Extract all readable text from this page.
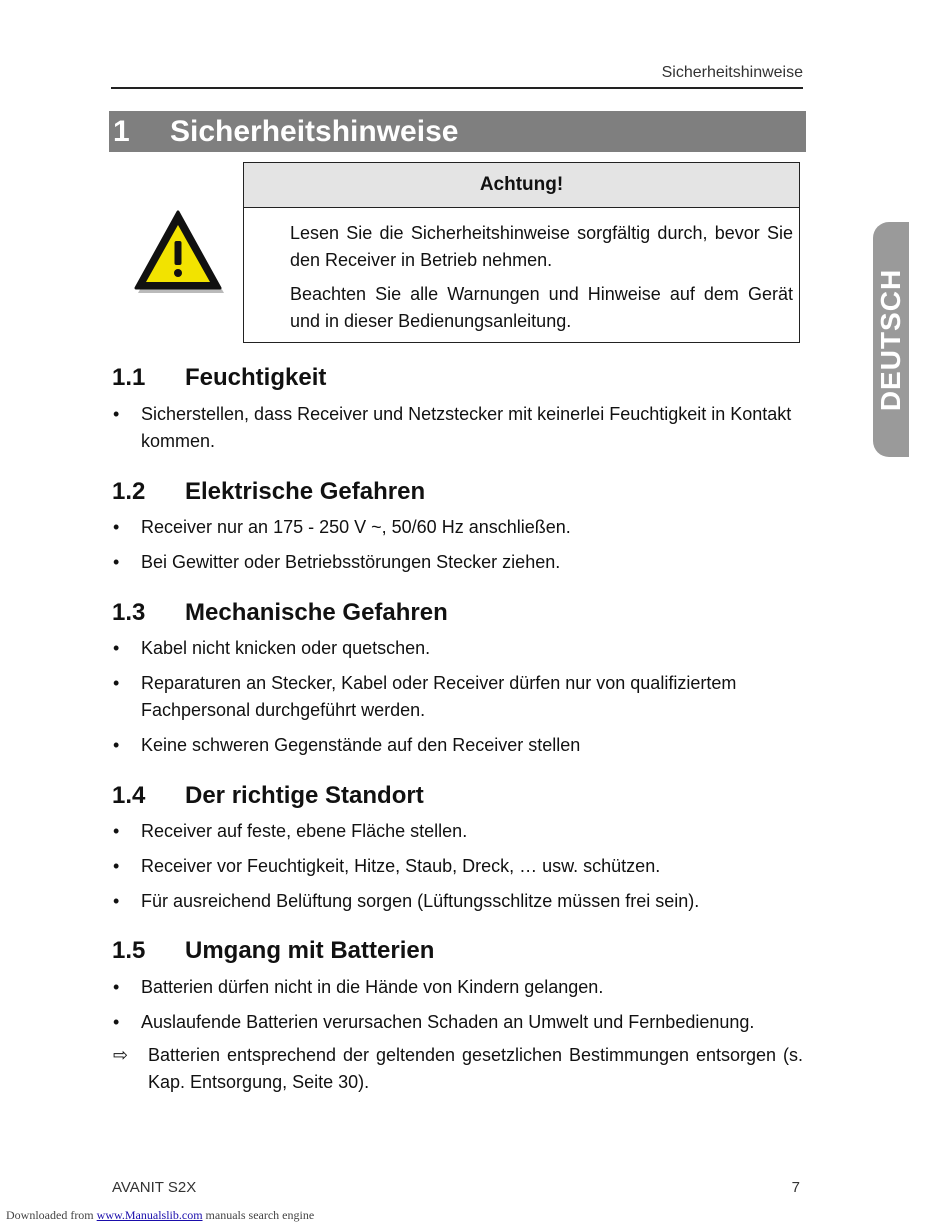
Sicherheitshinweise
1 Sicherheitshinweise
Achtung!
Lesen Sie die Sicherheitshinweise sorgfältig durch, bevor Sie den Receiver in Betrieb nehmen.
Beachten Sie alle Warnungen und Hinweise auf dem Gerät und in dieser Bedienungsanleitung.	DEUTSCH
1.1 Feuchtigkeit
•	Sicherstellen, dass Receiver und Netzstecker mit keinerlei Feuchtigkeit in Kontakt kommen.
1.2 Elektrische Gefahren
•	Receiver nur an 175 - 250 V ~, 50/60 Hz anschließen.
•	Bei Gewitter oder Betriebsstörungen Stecker ziehen.
1.3 Mechanische Gefahren
•	Kabel nicht knicken oder quetschen.
•	Reparaturen an Stecker, Kabel oder Receiver dürfen nur von qualifiziertem Fachpersonal durchgeführt werden.
•	Keine schweren Gegenstände auf den Receiver stellen
1.4 Der richtige Standort
•	Receiver auf feste, ebene Fläche stellen.
•	Receiver vor Feuchtigkeit, Hitze, Staub, Dreck, … usw. schützen.
•	Für ausreichend Belüftung sorgen (Lüftungsschlitze müssen frei sein).
1.5 Umgang mit Batterien
•	Batterien dürfen nicht in die Hände von Kindern gelangen.
•	Auslaufende Batterien verursachen Schaden an Umwelt und Fernbedienung.
⇨ Batterien entsprechend der geltenden gesetzlichen Bestimmungen entsorgen (s. Kap. Entsorgung, Seite 30).
AVANIT S2X	7
Downloaded from www.Manualslib.com manuals search engine
